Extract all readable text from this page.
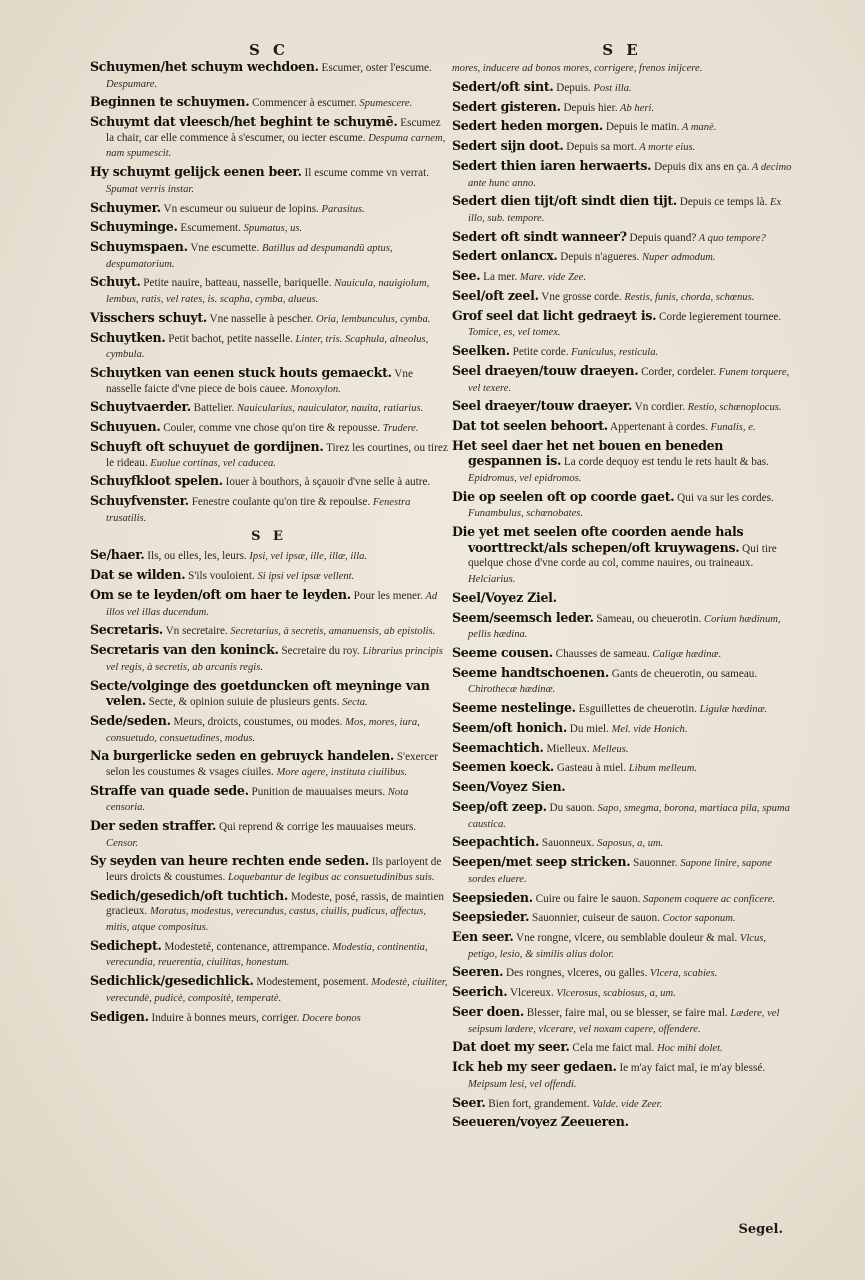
S C

Schuymen/het schuym wechdoen. Escumer, oster l'escume. Despumare.

Beginnen te schuymen. Commencer à escumer. Spumescere.

Schuymt dat vleesch/het beghint te schuymē. Escumez la chair, car elle commence à s'escumer, ou iecter escume. Despuma carnem, nam spumescit.

Hy schuymt gelijck eenen beer. Il escume comme vn verrat. Spumat verris instar.

Schuymer. Vn escumeur ou suiueur de lopins. Parasitus.

Schuyminge. Escumement. Spumatus, us.

Schuymspaen. Vne escumette. Batillus ad despumandū aptus, despumatorium.

Schuyt. Petite nauire, batteau, nasselle, bariquelle. Nauicula, nauigiolum, lembus, ratis, vel rates, is. scapha, cymba, alueus.

Visschers schuyt. Vne nasselle à pescher. Oria, lembunculus, cymba.

Schuytken. Petit bachot, petite nasselle. Linter, tris. Scaphula, alneolus, cymbula.

Schuytken van eenen stuck houts gemaeckt. Vne nasselle faicte d'vne piece de bois cauee. Monoxylon.

Schuytvaerder. Battelier. Nauicularius, nauiculator, nauita, ratiarius.

Schuyuen. Couler, comme vne chose qu'on tire & repousse. Trudere.

Schuyft oft schuyuet de gordijnen. Tirez les courtines, ou tirez le rideau. Euolue cortinas, vel caducea.

Schuyfkloot spelen. Iouer à bouthors, à sçauoir d'vne selle à autre.

Schuyfvenster. Fenestre coulante qu'on tire & repoulse. Fenestra trusatilis.

S E

Se/haer. Ils, ou elles, les, leurs. Ipsi, vel ipsæ, ille, illæ, illa.

Dat se wilden. S'ils vouloient. Si ipsi vel ipsæ vellent.

Om se te leyden/oft om haer te leyden. Pour les mener. Ad illos vel illas ducendum.

Secretaris. Vn secretaire. Secretarius, à secretis, amanuensis, ab epistolis.

Secretaris van den koninck. Secretaire du roy. Librarius principis vel regis, à secretis, ab arcanis regis.

Secte/volginge des goetduncken oft meyninge van velen. Secte, & opinion suiuie de plusieurs gents. Secta.

Sede/seden. Meurs, droicts, coustumes, ou modes. Mos, mores, iura, consuetudo, consuetudines, modus.

Na burgerlicke seden en gebruyck handelen. S'exercer selon les coustumes & vsages ciuiles. More agere, instituta ciuilibus.

Straffe van quade sede. Punition de mauuaises meurs. Nota censoria.

Der seden straffer. Qui reprend & corrige les mauuaises meurs. Censor.

Sy seyden van heure rechten ende seden. Ils parloyent de leurs droicts & coustumes. Loquebantur de legibus ac consuetudinibus suis.

Sedich/gesedich/oft tuchtich. Modeste, posé, rassis, de maintien gracieux. Moratus, modestus, verecundus, castus, ciuilis, pudicus, affectus, mitis, atque compositus.

Sedichept. Modesteté, contenance, attrempance. Modestia, continentia, verecundia, reuerentia, ciuilitas, honestum.

Sedichlick/gesedichlick. Modestement, posement. Modestè, ciuiliter, verecundè, pudicè, compositè, temperatè.

Sedigen. Induire à bonnes meurs, corriger. Docere bonos

S E

mores, inducere ad bonos mores, corrigere, frenos inijcere.

Sedert/oft sint. Depuis. Post illa.

Sedert gisteren. Depuis hier. Ab heri.

Sedert heden morgen. Depuis le matin. A manè.

Sedert sijn doot. Depuis sa mort. A morte eius.

Sedert thien iaren herwaerts. Depuis dix ans en ça. A decimo ante hunc anno.

Sedert dien tijt/oft sindt dien tijt. Depuis ce temps là. Ex illo, sub. tempore.

Sedert oft sindt wanneer? Depuis quand? A quo tempore?

Sedert onlancx. Depuis n'agueres. Nuper admodum.

See. La mer. Mare. vide Zee.

Seel/oft zeel. Vne grosse corde. Restis, funis, chorda, schœnus.

Grof seel dat licht gedraeyt is. Corde legierement tournee. Tomice, es, vel tomex.

Seelken. Petite corde. Funiculus, resticula.

Seel draeyen/touw draeyen. Corder, cordeler. Funem torquere, vel texere.

Seel draeyer/touw draeyer. Vn cordier. Restio, schœnoplocus.

Dat tot seelen behoort. Appertenant à cordes. Funalis, e.

Het seel daer het net bouen en beneden gespannen is. La corde dequoy est tendu le rets hault & bas. Epidromus, vel epidromos.

Die op seelen oft op coorde gaet. Qui va sur les cordes. Funambulus, schœnobates.

Die yet met seelen ofte coorden aende hals voorttreckt/als schepen/oft kruywagens. Qui tire quelque chose d'vne corde au col, comme nauires, ou traineaux. Helciarius.

Seel/Voyez Ziel.

Seem/seemsch leder. Sameau, ou cheuerotin. Corium hædinum, pellis hædina.

Seeme cousen. Chausses de sameau. Caligæ hædinæ.

Seeme handtschoenen. Gants de cheuerotin, ou sameau. Chirothecæ hædinæ.

Seeme nestelinge. Esguillettes de cheuerotin. Ligulæ hædinæ.

Seem/oft honich. Du miel. Mel. vide Honich.

Seemachtich. Mielleux. Melleus.

Seemen koeck. Gasteau à miel. Libum melleum.

Seen/Voyez Sien.

Seep/oft zeep. Du sauon. Sapo, smegma, borona, martiaca pila, spuma caustica.

Seepachtich. Sauonneux. Saposus, a, um.

Seepen/met seep stricken. Sauonner. Sapone linire, sapone sordes eluere.

Seepsieden. Cuire ou faire le sauon. Saponem coquere ac conficere.

Seepsieder. Sauonnier, cuiseur de sauon. Coctor saponum.

Een seer. Vne rongne, vlcere, ou semblable douleur & mal. Vlcus, petigo, lesio, & similis alius dolor.

Seeren. Des rongnes, vlceres, ou galles. Vlcera, scabies.

Seerich. Vlcereux. Vlcerosus, scabiosus, a, um.

Seer doen. Blesser, faire mal, ou se blesser, se faire mal. Lædere, vel seipsum lædere, vlcerare, vel noxam capere, offendere.

Dat doet my seer. Cela me faict mal. Hoc mihi dolet.

Ick heb my seer gedaen. Ie m'ay faict mal, ie m'ay blessé. Meipsum lesi, vel offendi.

Seer. Bien fort, grandement. Valde. vide Zeer.

Seeueren/voyez Zeeueren.

Segel.
